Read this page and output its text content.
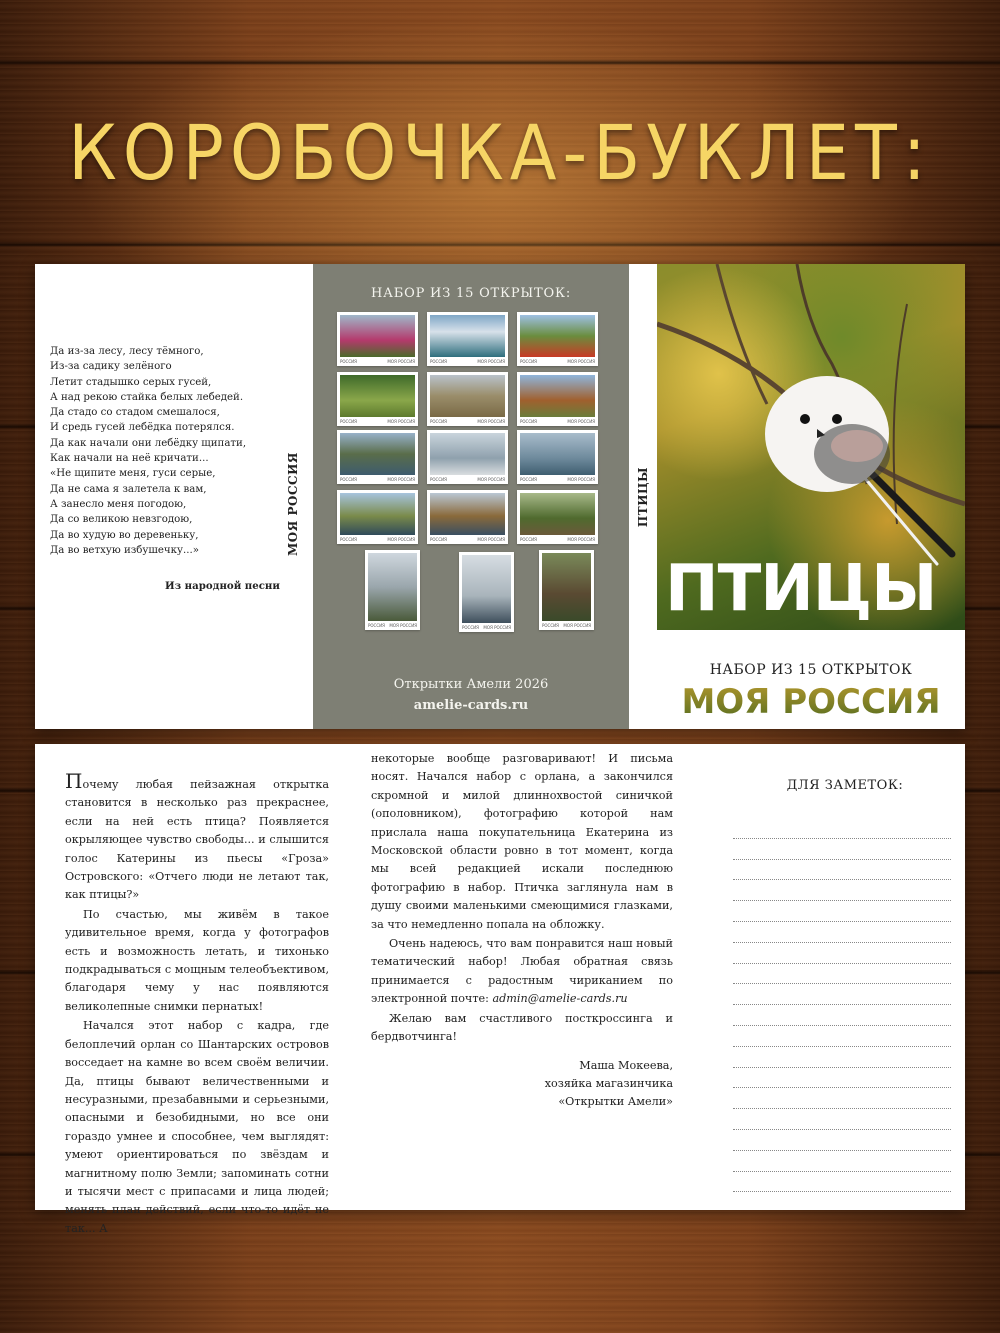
КОРОБОЧКА-БУКЛЕТ:
Да из-за лесу, лесу тёмного,
Из-за садику зелёного
Летит стадышко серых гусей,
А над рекою стайка белых лебедей.
Да стадо со стадом смешалося,
И средь гусей лебёдка потерялся.
Да как начали они лебёдку щипати,
Как начали на неё кричати...
«Не щипите меня, гуси серые,
Да не сама я залетела к вам,
А занесло меня погодою,
Да со великою невзгодою,
Да во худую во деревеньку,
Да во ветхую избушечку...»
Из народной песни
МОЯ РОССИЯ
НАБОР ИЗ 15 ОТКРЫТОК:
РОССИЯ	МОЯ РОССИЯ	РОССИЯ	МОЯ РОССИЯ	РОССИЯ	МОЯ РОССИЯ
РОССИЯ	МОЯ РОССИЯ	РОССИЯ	МОЯ РОССИЯ	РОССИЯ	МОЯ РОССИЯ
РОССИЯ	МОЯ РОССИЯ	РОССИЯ	МОЯ РОССИЯ	РОССИЯ	МОЯ РОССИЯ
РОССИЯ	МОЯ РОССИЯ	РОССИЯ	МОЯ РОССИЯ	РОССИЯ	МОЯ РОССИЯ
РОССИЯ МОЯ РОССИЯ	РОССИЯ МОЯ РОССИЯ	РОССИЯ МОЯ РОССИЯ
Открытки Амели 2026
amelie-cards.ru
ПТИЦЫ
ПТИЦЫ
НАБОР ИЗ 15 ОТКРЫТОК
МОЯ РОССИЯ

Почему любая пейзажная открытка становится в несколько раз прекраснее, если на ней есть птица? Появляется окрыляющее чувство свободы... и слышится голос Катерины из пьесы «Гроза» Островского: «Отчего люди не летают так, как птицы?»

По счастью, мы живём в такое удивительное время, когда у фотографов есть и возможность летать, и тихонько подкрадываться с мощным телеобъективом, благодаря чему у нас появляются великолепные снимки пернатых!

Начался этот набор с кадра, где белоплечий орлан со Шантарских островов восседает на камне во всем своём величии. Да, птицы бывают величественными и несуразными, презабавными и серьезными, опасными и безобидными, но все они гораздо умнее и способнее, чем выглядят: умеют ориентироваться по звёздам и магнитному полю Земли; запоминать сотни и тысячи мест с припасами и лица людей; менять план действий, если что-то идёт не так... А

некоторые вообще разговаривают! И письма носят. Начался набор с орлана, а закончился скромной и милой длиннохвостой синичкой (ополовником), фотографию которой нам прислала наша покупательница Екатерина из Московской области ровно в тот момент, когда мы всей редакцией искали последнюю фотографию в набор. Птичка заглянула нам в душу своими маленькими смеющимися глазками, за что немедленно попала на обложку.

Очень надеюсь, что вам понравится наш новый тематический набор! Любая обратная связь принимается с радостным чириканием по электронной почте: admin@amelie-cards.ru

Желаю вам счастливого посткроссинга и бердвотчинга!

Маша Мокеева,
хозяйка магазинчика
«Открытки Амели»

ДЛЯ ЗАМЕТОК:
